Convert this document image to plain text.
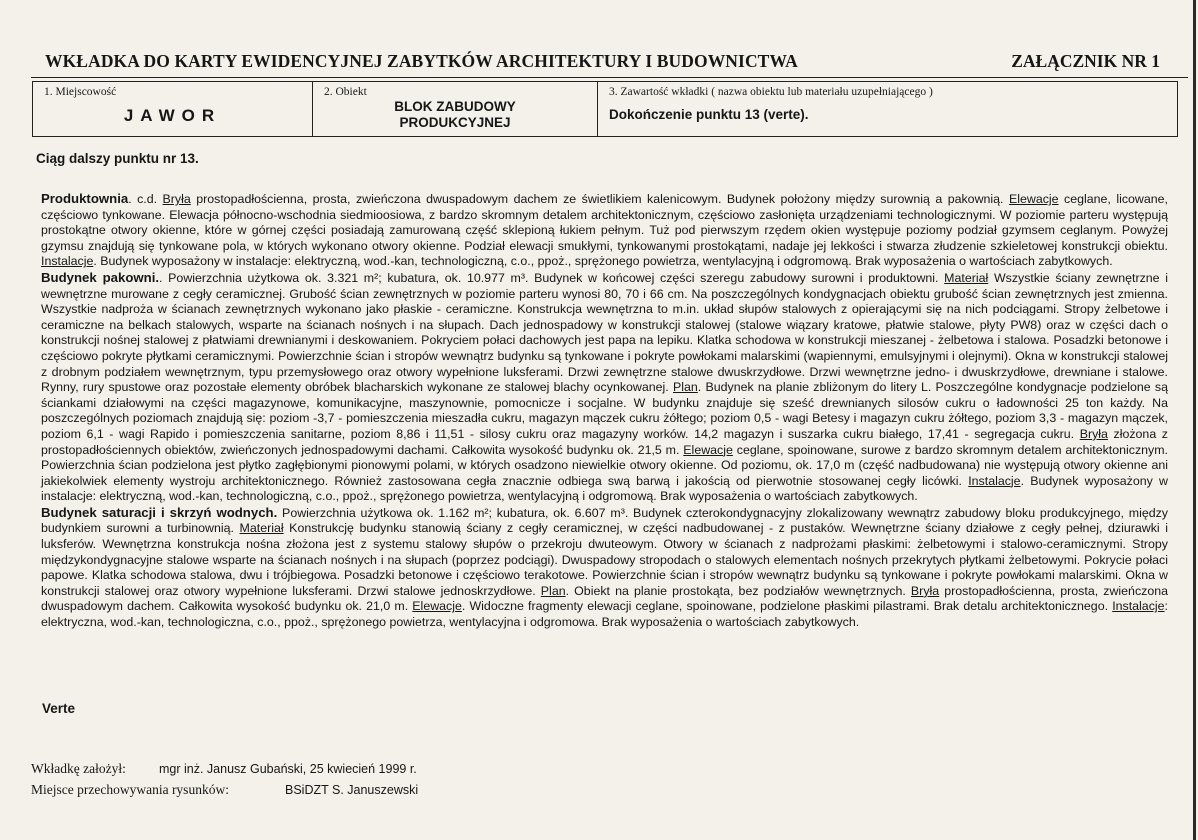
WKŁADKA DO KARTY EWIDENCYJNEJ ZABYTKÓW ARCHITEKTURY I BUDOWNICTWA	ZAŁĄCZNIK NR 1
1. Miejscowość
JAWOR
2. Obiekt
BLOK ZABUDOWY
PRODUKCYJNEJ
3. Zawartość wkładki ( nazwa obiektu lub materiału uzupełniającego )
Dokończenie punktu 13 (verte).
Ciąg dalszy punktu nr 13.

Produktownia. c.d. Bryła prostopadłościenna, prosta, zwieńczona dwuspadowym dachem ze świetlikiem kalenicowym. Budynek położony między surownią a pakownią. Elewacje ceglane, licowane, częściowo tynkowane. Elewacja północno-wschodnia siedmioosiowa, z bardzo skromnym detalem architektonicznym, częściowo zasłonięta urządzeniami technologicznymi. W poziomie parteru występują prostokątne otwory okienne, które w górnej części posiadają zamurowaną część sklepioną łukiem pełnym. Tuż pod pierwszym rzędem okien występuje poziomy podział gzymsem ceglanym. Powyżej gzymsu znajdują się tynkowane pola, w których wykonano otwory okienne. Podział elewacji smukłymi, tynkowanymi prostokątami, nadaje jej lekkości i stwarza złudzenie szkieletowej konstrukcji obiektu. Instalacje. Budynek wyposażony w instalacje: elektryczną, wod.-kan, technologiczną, c.o., ppoż., sprężonego powietrza, wentylacyjną i odgromową. Brak wyposażenia o wartościach zabytkowych.

Budynek pakowni.. Powierzchnia użytkowa ok. 3.321 m²; kubatura, ok. 10.977 m³. Budynek w końcowej części szeregu zabudowy surowni i produktowni. Materiał Wszystkie ściany zewnętrzne i wewnętrzne murowane z cegły ceramicznej. Grubość ścian zewnętrznych w poziomie parteru wynosi 80, 70 i 66 cm. Na poszczególnych kondygnacjach obiektu grubość ścian zewnętrznych jest zmienna. Wszystkie nadproża w ścianach zewnętrznych wykonano jako płaskie - ceramiczne. Konstrukcja wewnętrzna to m.in. układ słupów stalowych z opierającymi się na nich podciągami. Stropy żelbetowe i ceramiczne na belkach stalowych, wsparte na ścianach nośnych i na słupach. Dach jednospadowy w konstrukcji stalowej (stalowe wiązary kratowe, płatwie stalowe, płyty PW8) oraz w części dach o konstrukcji nośnej stalowej z płatwiami drewnianymi i deskowaniem. Pokryciem połaci dachowych jest papa na lepiku. Klatka schodowa w konstrukcji mieszanej - żelbetowa i stalowa. Posadzki betonowe i częściowo pokryte płytkami ceramicznymi. Powierzchnie ścian i stropów wewnątrz budynku są tynkowane i pokryte powłokami malarskimi (wapiennymi, emulsyjnymi i olejnymi). Okna w konstrukcji stalowej z drobnym podziałem wewnętrznym, typu przemysłowego oraz otwory wypełnione luksferami. Drzwi zewnętrzne stalowe dwuskrzydłowe. Drzwi wewnętrzne jedno- i dwuskrzydłowe, drewniane i stalowe. Rynny, rury spustowe oraz pozostałe elementy obróbek blacharskich wykonane ze stalowej blachy ocynkowanej. Plan. Budynek na planie zbliżonym do litery L. Poszczególne kondygnacje podzielone są ściankami działowymi na części magazynowe, komunikacyjne, maszynownie, pomocnicze i socjalne. W budynku znajduje się sześć drewnianych silosów cukru o ładowności 25 ton każdy. Na poszczególnych poziomach znajdują się: poziom -3,7 - pomieszczenia mieszadła cukru, magazyn mączek cukru żółtego; poziom 0,5 - wagi Betesy i magazyn cukru żółtego, poziom 3,3 - magazyn mączek, poziom 6,1 - wagi Rapido i pomieszczenia sanitarne, poziom 8,86 i 11,51 - silosy cukru oraz magazyny worków. 14,2 magazyn i suszarka cukru białego, 17,41 - segregacja cukru. Bryła złożona z prostopadłościennych obiektów, zwieńczonych jednospadowymi dachami. Całkowita wysokość budynku ok. 21,5 m. Elewacje ceglane, spoinowane, surowe z bardzo skromnym detalem architektonicznym. Powierzchnia ścian podzielona jest płytko zagłębionymi pionowymi polami, w których osadzono niewielkie otwory okienne. Od poziomu, ok. 17,0 m (część nadbudowana) nie występują otwory okienne ani jakiekolwiek elementy wystroju architektonicznego. Również zastosowana cegła znacznie odbiega swą barwą i jakością od pierwotnie stosowanej cegły licówki. Instalacje. Budynek wyposażony w instalacje: elektryczną, wod.-kan, technologiczną, c.o., ppoż., sprężonego powietrza, wentylacyjną i odgromową. Brak wyposażenia o wartościach zabytkowych.

Budynek saturacji i skrzyń wodnych. Powierzchnia użytkowa ok. 1.162 m²; kubatura, ok. 6.607 m³. Budynek czterokondygnacyjny zlokalizowany wewnątrz zabudowy bloku produkcyjnego, między budynkiem surowni a turbinownią. Materiał Konstrukcję budynku stanowią ściany z cegły ceramicznej, w części nadbudowanej - z pustaków. Wewnętrzne ściany działowe z cegły pełnej, dziurawki i luksferów. Wewnętrzna konstrukcja nośna złożona jest z systemu stalowy słupów o przekroju dwuteowym. Otwory w ścianach z nadprożami płaskimi: żelbetowymi i stalowo-ceramicznymi. Stropy międzykondygnacyjne stalowe wsparte na ścianach nośnych i na słupach (poprzez podciągi). Dwuspadowy stropodach o stalowych elementach nośnych przekrytych płytkami żelbetowymi. Pokrycie połaci papowe. Klatka schodowa stalowa, dwu i trójbiegowa. Posadzki betonowe i częściowo terakotowe. Powierzchnie ścian i stropów wewnątrz budynku są tynkowane i pokryte powłokami malarskimi. Okna w konstrukcji stalowej oraz otwory wypełnione luksferami. Drzwi stalowe jednoskrzydłowe. Plan. Obiekt na planie prostokąta, bez podziałów wewnętrznych. Bryła prostopadłościenna, prosta, zwieńczona dwuspadowym dachem. Całkowita wysokość budynku ok. 21,0 m. Elewacje. Widoczne fragmenty elewacji ceglane, spoinowane, podzielone płaskimi pilastrami. Brak detalu architektonicznego. Instalacje: elektryczna, wod.-kan, technologiczna, c.o., ppoż., sprężonego powietrza, wentylacyjna i odgromowa. Brak wyposażenia o wartościach zabytkowych.

Verte
Wkładkę założył:	mgr inż. Janusz Gubański, 25 kwiecień 1999 r.
Miejsce przechowywania rysunków:	BSiDZT S. Januszewski
